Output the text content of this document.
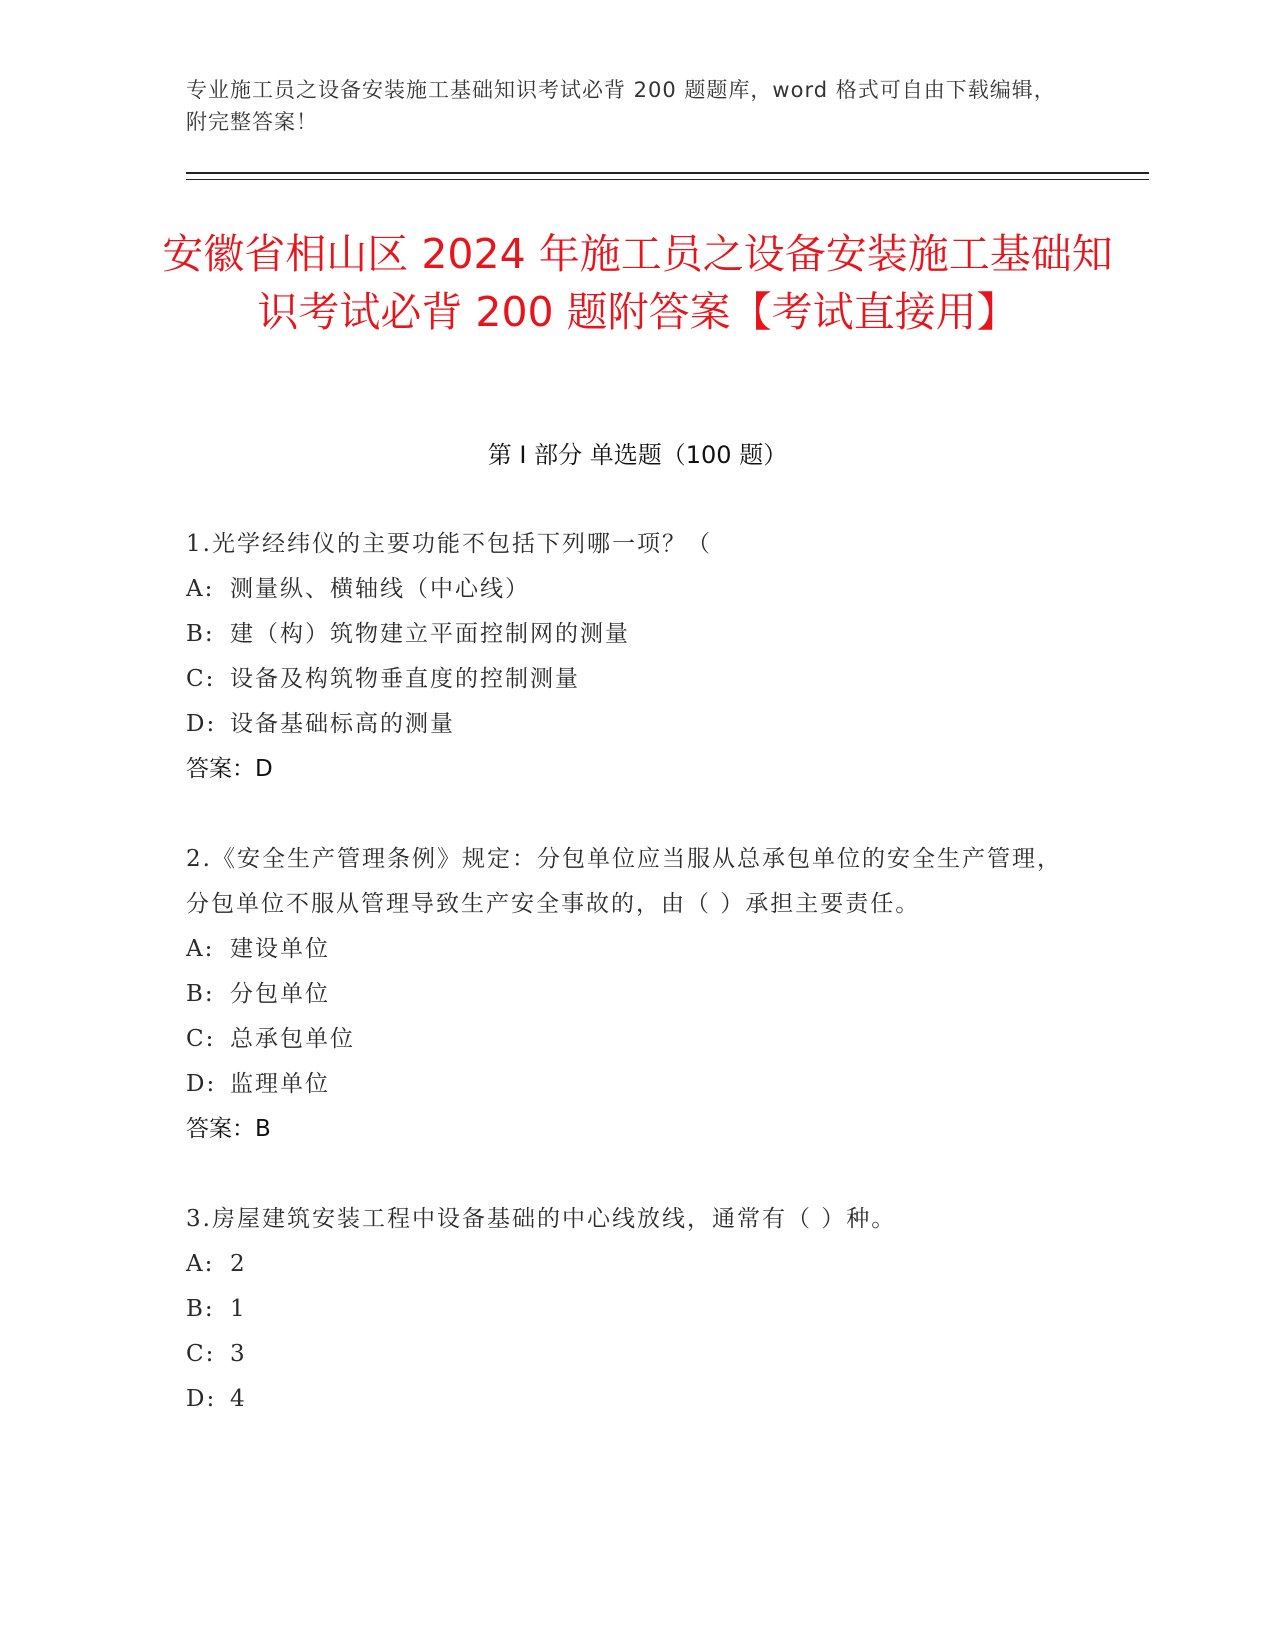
专业施工员之设备安装施工基础知识考试必背 200 题题库，word 格式可自由下载编辑，附完整答案！
安徽省相山区 2024 年施工员之设备安装施工基础知识考试必背 200 题附答案【考试直接用】
第 I 部分 单选题（100 题）
1.光学经纬仪的主要功能不包括下列哪一项？（
A: 测量纵、横轴线（中心线）
B: 建（构）筑物建立平面控制网的测量
C: 设备及构筑物垂直度的控制测量
D: 设备基础标高的测量
答案：D
2.《安全生产管理条例》规定：分包单位应当服从总承包单位的安全生产管理，分包单位不服从管理导致生产安全事故的，由（ ）承担主要责任。
A: 建设单位
B: 分包单位
C: 总承包单位
D: 监理单位
答案：B
3.房屋建筑安装工程中设备基础的中心线放线，通常有（ ）种。
A: 2
B: 1
C: 3
D: 4
